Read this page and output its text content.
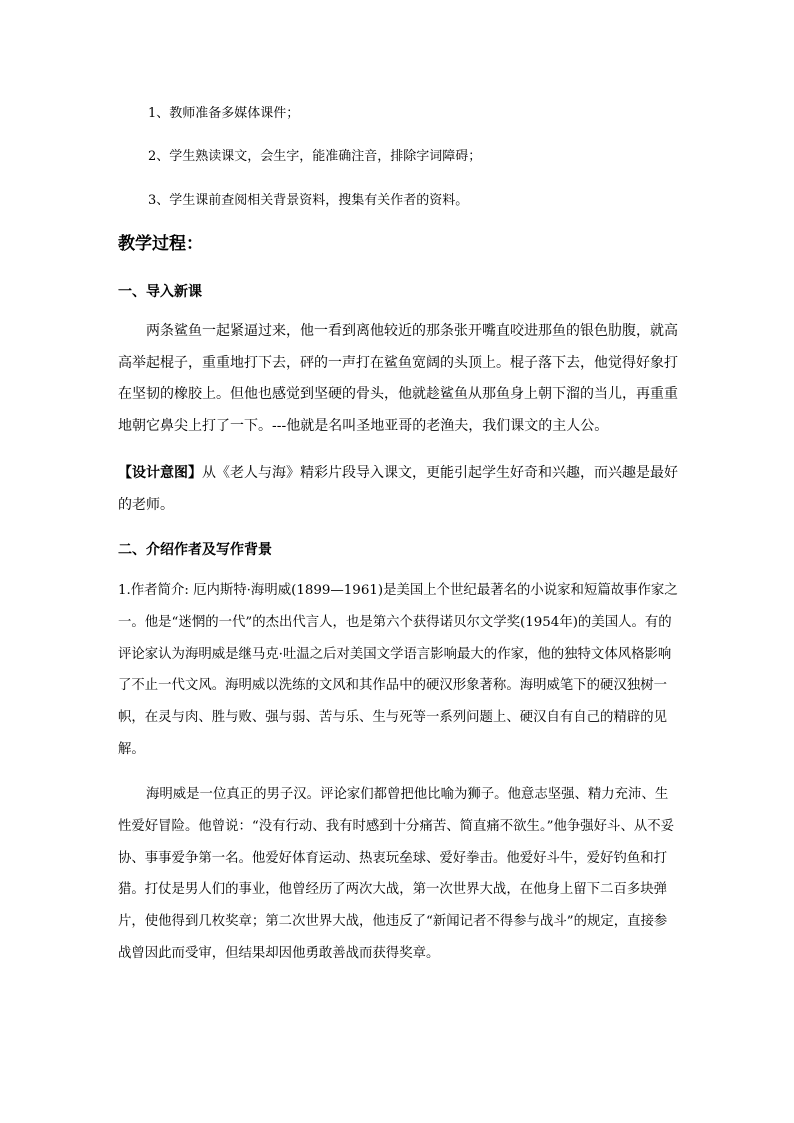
1、教师准备多媒体课件；
2、学生熟读课文，会生字，能准确注音，排除字词障碍；
3、学生课前查阅相关背景资料，搜集有关作者的资料。
教学过程：
一、导入新课

两条鲨鱼一起紧逼过来，他一看到离他较近的那条张开嘴直咬进那鱼的银色肋腹，就高高举起棍子，重重地打下去，砰的一声打在鲨鱼宽阔的头顶上。棍子落下去，他觉得好象打在坚韧的橡胶上。但他也感觉到坚硬的骨头，他就趁鲨鱼从那鱼身上朝下溜的当儿，再重重地朝它鼻尖上打了一下。---他就是名叫圣地亚哥的老渔夫，我们课文的主人公。

【设计意图】从《老人与海》精彩片段导入课文，更能引起学生好奇和兴趣，而兴趣是最好的老师。

二、介绍作者及写作背景

1.作者简介: 厄内斯特·海明威(1899—1961)是美国上个世纪最著名的小说家和短篇故事作家之一。他是“迷惘的一代”的杰出代言人，也是第六个获得诺贝尔文学奖(1954年)的美国人。有的评论家认为海明威是继马克·吐温之后对美国文学语言影响最大的作家，他的独特文体风格影响了不止一代文风。海明威以洗练的文风和其作品中的硬汉形象著称。海明威笔下的硬汉独树一帜，在灵与肉、胜与败、强与弱、苦与乐、生与死等一系列问题上、硬汉自有自己的精辟的见解。

海明威是一位真正的男子汉。评论家们都曾把他比喻为狮子。他意志坚强、精力充沛、生性爱好冒险。他曾说：“没有行动、我有时感到十分痛苦、简直痛不欲生。”他争强好斗、从不妥协、事事爱争第一名。他爱好体育运动、热衷玩垒球、爱好拳击。他爱好斗牛，爱好钓鱼和打猎。打仗是男人们的事业，他曾经历了两次大战，第一次世界大战，在他身上留下二百多块弹片，使他得到几枚奖章；第二次世界大战，他违反了“新闻记者不得参与战斗”的规定，直接参战曾因此而受审，但结果却因他勇敢善战而获得奖章。
